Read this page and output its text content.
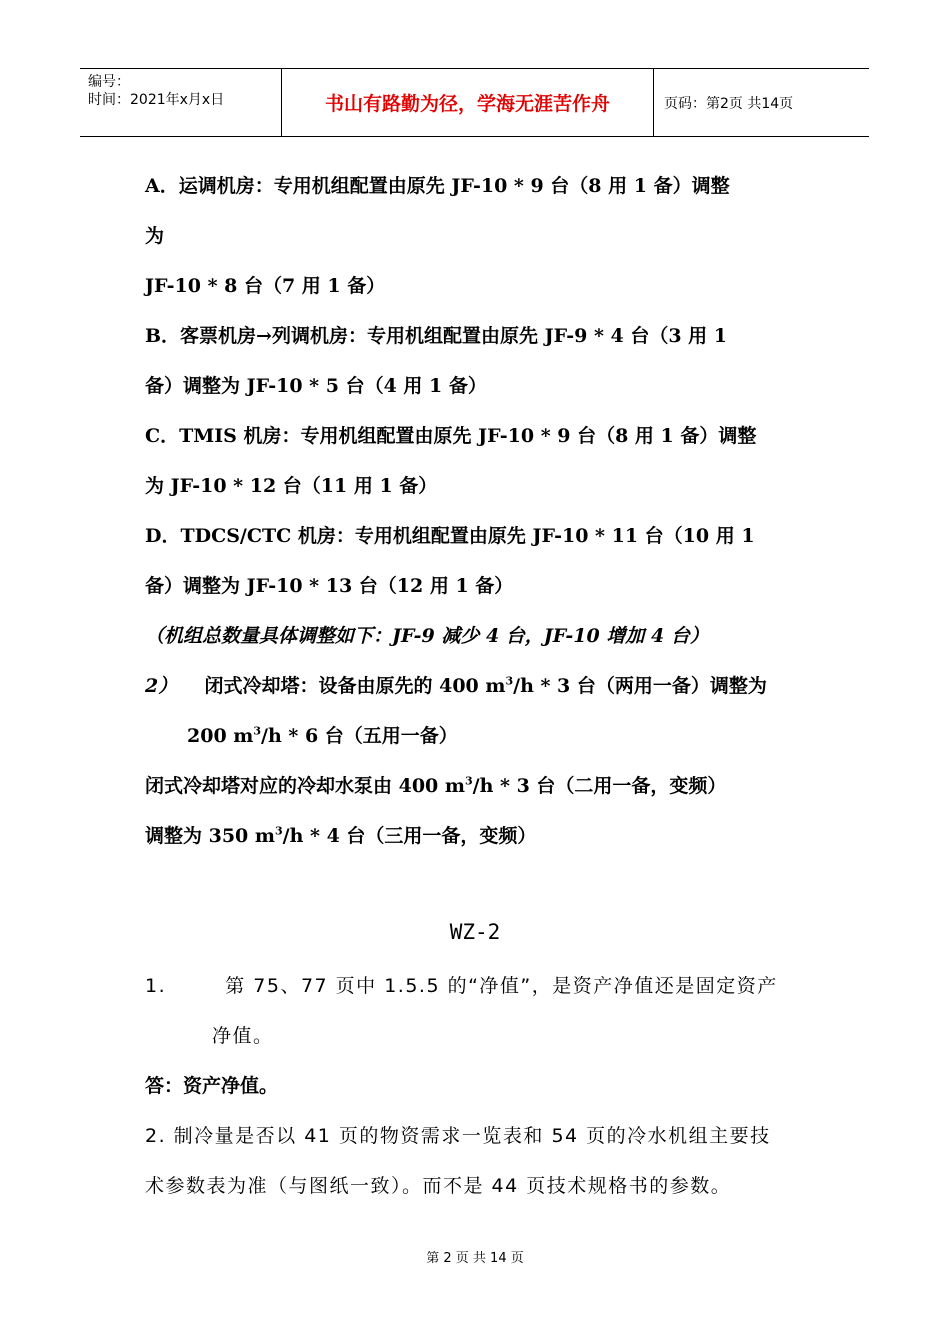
编号：
时间：2021年x月x日	书山有路勤为径，学海无涯苦作舟	页码：第2页 共14页
A．运调机房：专用机组配置由原先 JF-10 * 9 台（8 用 1 备）调整
为
JF-10 * 8 台（7 用 1 备）
B．客票机房→列调机房：专用机组配置由原先 JF-9 * 4 台（3 用 1
备）调整为 JF-10 * 5 台（4 用 1 备）
C．TMIS 机房：专用机组配置由原先 JF-10 * 9 台（8 用 1 备）调整
为 JF-10 * 12 台（11 用 1 备）
D．TDCS/CTC 机房：专用机组配置由原先 JF-10 * 11 台（10 用 1
备）调整为 JF-10 * 13 台（12 用 1 备）
（机组总数量具体调整如下：JF-9 减少 4 台，JF-10 增加 4 台）
2） 闭式冷却塔：设备由原先的 400 $m^3/h * 3$ 台（两用一备）调整为
200 $m^3/h * 6$ 台（五用一备）
闭式冷却塔对应的冷却水泵由 400 $m^3/h * 3$ 台（二用一备，变频）
调整为 350 $m^3/h * 4$ 台（三用一备，变频）
WZ-2
1.	第 75、77 页中 1.5.5 的“净值”，是资产净值还是固定资产
净值。
答：资产净值。
2. 制冷量是否以 41 页的物资需求一览表和 54 页的冷水机组主要技
术参数表为准（与图纸一致）。而不是 44 页技术规格书的参数。
第 2 页 共 14 页
